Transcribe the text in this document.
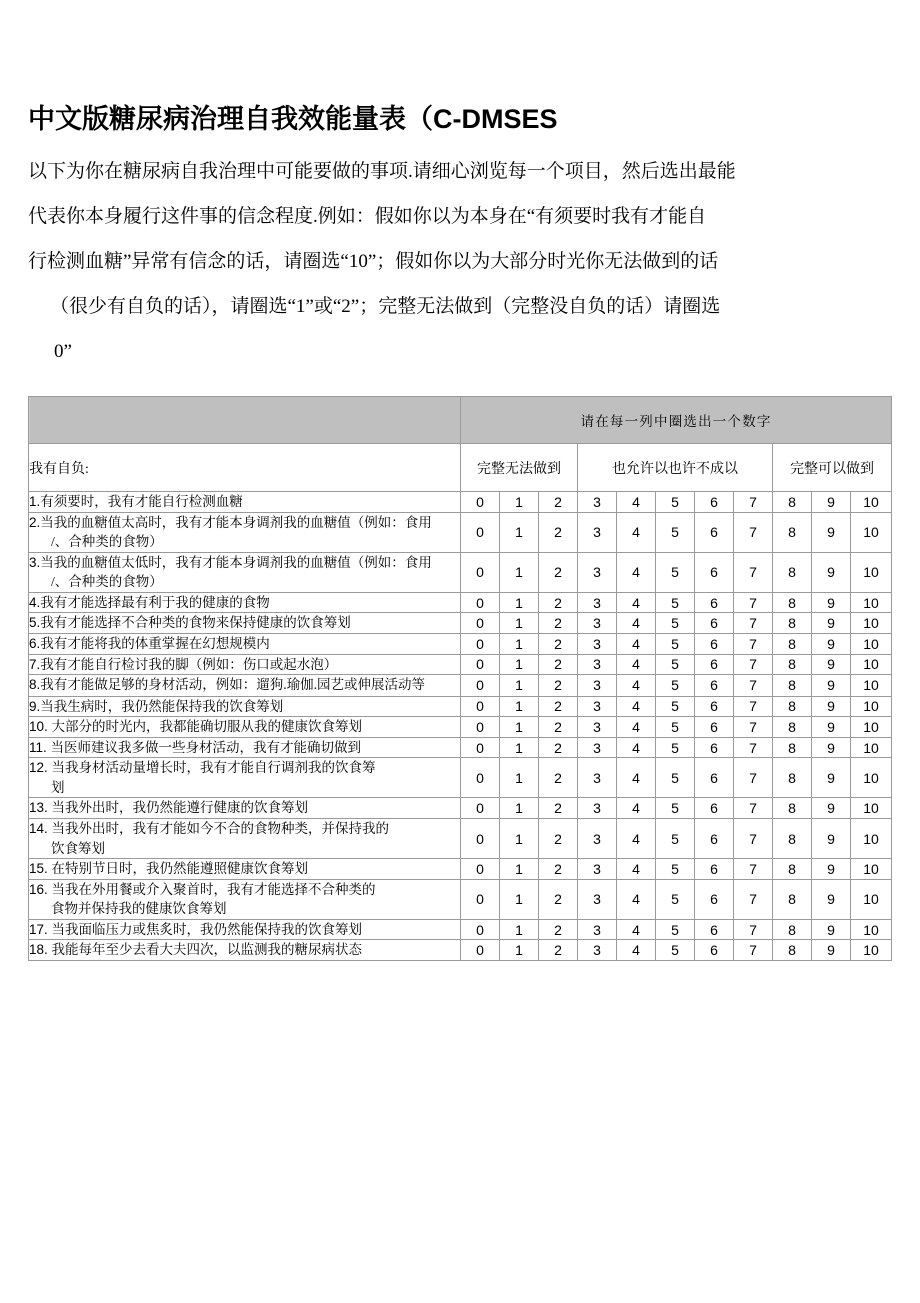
中文版糖尿病治理自我效能量表（C-DMSES
以下为你在糖尿病自我治理中可能要做的事项.请细心浏览每一个项目，然后选出最能
代表你本身履行这件事的信念程度.例如：假如你以为本身在“有须要时我有才能自
行检测血糖”异常有信念的话，请圈选“10”；假如你以为大部分时光你无法做到的话
（很少有自负的话），请圈选“1”或“2”；完整无法做到（完整没自负的话）请圈选
0”
	请在每一列中圈选出一个数字										
我有自负:	完整无法做到			也允许以也许不成以					完整可以做到		
1.有须要时，我有才能自行检测血糖	0	1	2	3	4	5	6	7	8	9	10
2.当我的血糖值太高时，我有才能本身调剂我的血糖值（例如：食用
/、合种类的食物）	0	1	2	3	4	5	6	7	8	9	10
3.当我的血糖值太低时，我有才能本身调剂我的血糖值（例如：食用
/、合种类的食物）	0	1	2	3	4	5	6	7	8	9	10
4.我有才能选择最有利于我的健康的食物	0	1	2	3	4	5	6	7	8	9	10
5.我有才能选择不合种类的食物来保持健康的饮食筹划	0	1	2	3	4	5	6	7	8	9	10
6.我有才能将我的体重掌握在幻想规模内	0	1	2	3	4	5	6	7	8	9	10
7.我有才能自行检讨我的脚（例如：伤口或起水泡）	0	1	2	3	4	5	6	7	8	9	10
8.我有才能做足够的身材活动，例如：遛狗.瑜伽.园艺或伸展活动等	0	1	2	3	4	5	6	7	8	9	10
9.当我生病时，我仍然能保持我的饮食筹划	0	1	2	3	4	5	6	7	8	9	10
10. 大部分的时光内，我都能确切服从我的健康饮食筹划	0	1	2	3	4	5	6	7	8	9	10
11. 当医师建议我多做一些身材活动，我有才能确切做到	0	1	2	3	4	5	6	7	8	9	10
12. 当我身材活动量增长时，我有才能自行调剂我的饮食筹
划	0	1	2	3	4	5	6	7	8	9	10
13. 当我外出时，我仍然能遵行健康的饮食筹划	0	1	2	3	4	5	6	7	8	9	10
14. 当我外出时，我有才能如今不合的食物种类，并保持我的
饮食筹划	0	1	2	3	4	5	6	7	8	9	10
15. 在特别节日时，我仍然能遵照健康饮食筹划	0	1	2	3	4	5	6	7	8	9	10
16. 当我在外用餐或介入聚首时，我有才能选择不合种类的
食物并保持我的健康饮食筹划	0	1	2	3	4	5	6	7	8	9	10
17. 当我面临压力或焦炙时，我仍然能保持我的饮食筹划	0	1	2	3	4	5	6	7	8	9	10
18. 我能每年至少去看大夫四次，以监测我的糖尿病状态	0	1	2	3	4	5	6	7	8	9	10
